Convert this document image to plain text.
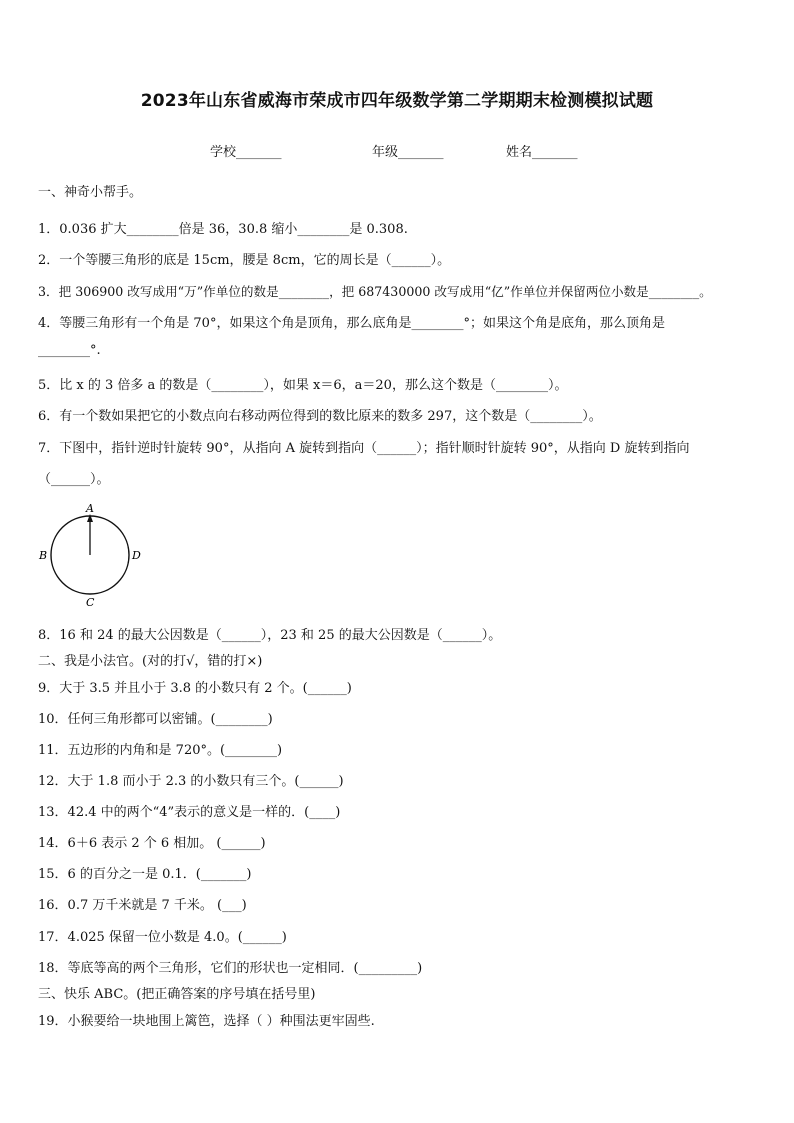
2023年山东省威海市荣成市四年级数学第二学期期末检测模拟试题
学校_______	年级_______	姓名_______
一、神奇小帮手。
1．0.036 扩大________倍是 36，30.8 缩小________是 0.308.
2．一个等腰三角形的底是 15cm，腰是 8cm，它的周长是（______）。
3．把 306900 改写成用“万”作单位的数是________，把 687430000 改写成用“亿”作单位并保留两位小数是________。
4．等腰三角形有一个角是 70°，如果这个角是顶角，那么底角是________°；如果这个角是底角，那么顶角是
________°.
5．比 x 的 3 倍多 a 的数是（________），如果 x＝6，a＝20，那么这个数是（________）。
6．有一个数如果把它的小数点向右移动两位得到的数比原来的数多 297，这个数是（________）。
7．下图中，指针逆时针旋转 90°，从指向 A 旋转到指向（______）；指针顺时针旋转 90°，从指向 D 旋转到指向
（______）。
A
B	D
C
8．16 和 24 的最大公因数是（______），23 和 25 的最大公因数是（______）。
二、我是小法官。(对的打√，错的打×)
9．大于 3.5 并且小于 3.8 的小数只有 2 个。(______)
10．任何三角形都可以密铺。(________)
11．五边形的内角和是 720°。(________)
12．大于 1.8 而小于 2.3 的小数只有三个。(______)
13．42.4 中的两个“4”表示的意义是一样的．(____)
14．6＋6 表示 2 个 6 相加。 (______)
15．6 的百分之一是 0.1．(_______)
16．0.7 万千米就是 7 千米。 (___)
17．4.025 保留一位小数是 4.0。(______)
18．等底等高的两个三角形，它们的形状也一定相同．(_________)
三、快乐 ABC。(把正确答案的序号填在括号里)
19．小猴要给一块地围上篱笆，选择（ ）种围法更牢固些.
